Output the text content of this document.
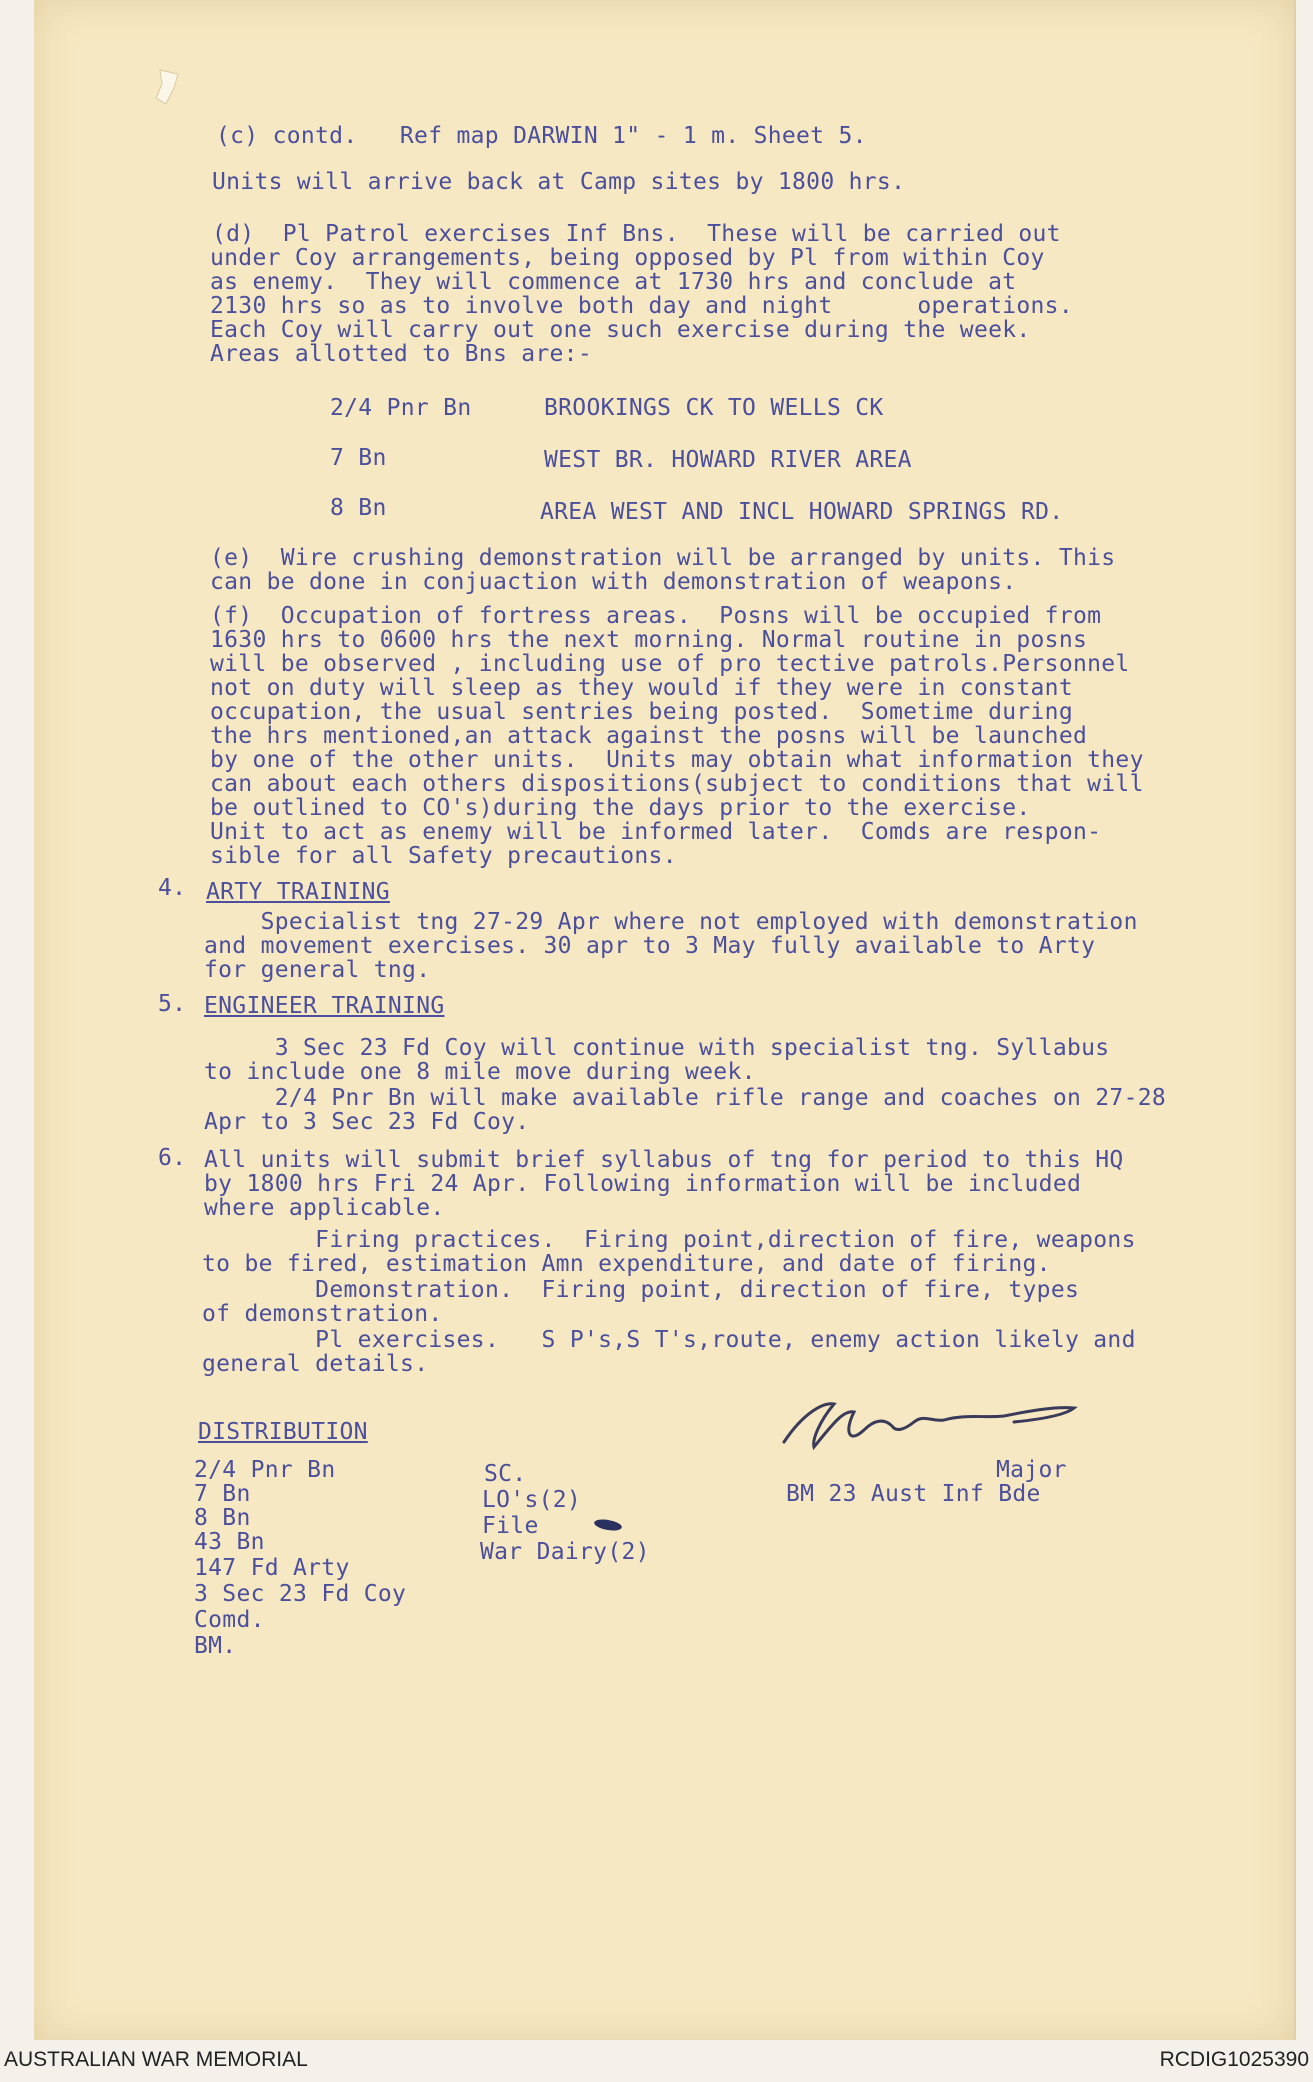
(c) contd.   Ref map DARWIN 1" - 1 m. Sheet 5.
Units will arrive back at Camp sites by 1800 hrs.
(d)  Pl Patrol exercises Inf Bns.  These will be carried out
under Coy arrangements, being opposed by Pl from within Coy
as enemy.  They will commence at 1730 hrs and conclude at
2130 hrs so as to involve both day and night      operations.
Each Coy will carry out one such exercise during the week.
Areas allotted to Bns are:-
2/4 Pnr Bn	BROOKINGS CK TO WELLS CK
7 Bn	WEST BR. HOWARD RIVER AREA
8 Bn	AREA WEST AND INCL HOWARD SPRINGS RD.
(e)  Wire crushing demonstration will be arranged by units. This
can be done in conjuaction with demonstration of weapons.
(f)  Occupation of fortress areas.  Posns will be occupied from
1630 hrs to 0600 hrs the next morning. Normal routine in posns
will be observed , including use of pro tective patrols.Personnel
not on duty will sleep as they would if they were in constant
occupation, the usual sentries being posted.  Sometime during
the hrs mentioned,an attack against the posns will be launched
by one of the other units.  Units may obtain what information they
can about each others dispositions(subject to conditions that will
be outlined to CO's)during the days prior to the exercise.
Unit to act as enemy will be informed later.  Comds are respon-
sible for all Safety precautions.
4. ARTY TRAINING
Specialist tng 27-29 Apr where not employed with demonstration
and movement exercises. 30 apr to 3 May fully available to Arty
for general tng.
5. ENGINEER TRAINING
3 Sec 23 Fd Coy will continue with specialist tng. Syllabus
to include one 8 mile move during week.
2/4 Pnr Bn will make available rifle range and coaches on 27-28
Apr to 3 Sec 23 Fd Coy.
6. All units will submit brief syllabus of tng for period to this HQ
by 1800 hrs Fri 24 Apr. Following information will be included
where applicable.
Firing practices.  Firing point,direction of fire, weapons
to be fired, estimation Amn expenditure, and date of firing.
Demonstration.  Firing point, direction of fire, types
of demonstration.
Pl exercises.   S P's,S T's,route, enemy action likely and
general details.
DISTRIBUTION
2/4 Pnr Bn
7 Bn
8 Bn
43 Bn
147 Fd Arty
3 Sec 23 Fd Coy
Comd.
BM.
SC.
LO's(2)
File
War Dairy(2)
Major
BM 23 Aust Inf Bde
AUSTRALIAN WAR MEMORIAL	RCDIG1025390
